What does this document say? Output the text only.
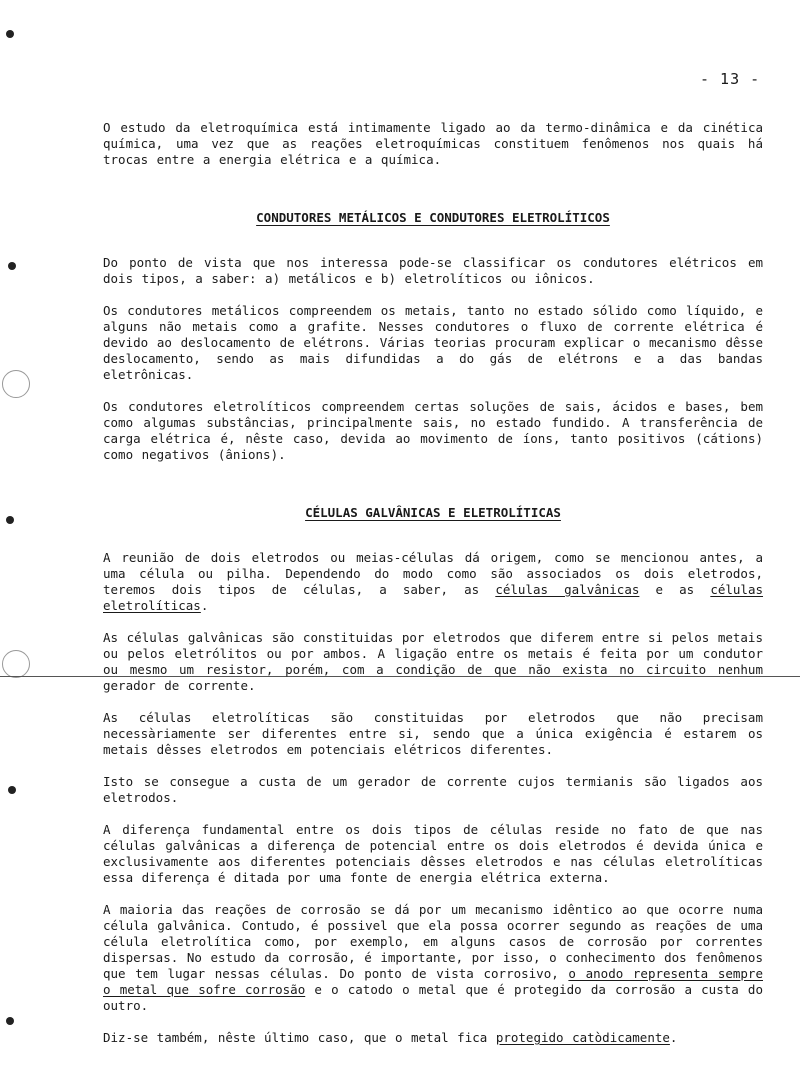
- 13 -

O estudo da eletroquímica está intimamente ligado ao da termo-dinâmica e da cinética química, uma vez que as reações eletroquímicas constituem fenômenos nos quais há trocas entre a energia elétrica e a química.

CONDUTORES METÁLICOS E CONDUTORES ELETROLÍTICOS

Do ponto de vista que nos interessa pode-se classificar os condutores elétricos em dois tipos, a saber: a) metálicos e b) eletrolíticos ou iônicos.

Os condutores metálicos compreendem os metais, tanto no estado sólido como líquido, e alguns não metais como a grafite. Nesses condutores o fluxo de corrente elétrica é devido ao deslocamento de elétrons. Várias teorias procuram explicar o mecanismo dêsse deslocamento, sendo as mais difundidas a do gás de elétrons e a das bandas eletrônicas.

Os condutores eletrolíticos compreendem certas soluções de sais, ácidos e bases, bem como algumas substâncias, principalmente sais, no estado fundido. A transferência de carga elétrica é, nêste caso, devida ao movimento de íons, tanto positivos (cátions) como negativos (ânions).

CÉLULAS GALVÂNICAS E ELETROLÍTICAS

A reunião de dois eletrodos ou meias-células dá origem, como se mencionou antes, a uma célula ou pilha. Dependendo do modo como são associados os dois eletrodos, teremos dois tipos de células, a saber, as células galvânicas e as células eletrolíticas.

As células galvânicas são constituidas por eletrodos que diferem entre si pelos metais ou pelos eletrólitos ou por ambos. A ligação entre os metais é feita por um condutor ou mesmo um resistor, porém, com a condição de que não exista no circuito nenhum gerador de corrente.

As células eletrolíticas são constituidas por eletrodos que não precisam necessàriamente ser diferentes entre si, sendo que a única exigência é estarem os metais dêsses eletrodos em potenciais elétricos diferentes.

Isto se consegue a custa de um gerador de corrente cujos termianis são ligados aos eletrodos.

A diferença fundamental entre os dois tipos de células reside no fato de que nas células galvânicas a diferença de potencial entre os dois eletrodos é devida única e exclusivamente aos diferentes potenciais dêsses eletrodos e nas células eletrolíticas essa diferença é ditada por uma fonte de energia elétrica externa.

A maioria das reações de corrosão se dá por um mecanismo idêntico ao que ocorre numa célula galvânica. Contudo, é possivel que ela possa ocorrer segundo as reações de uma célula eletrolítica como, por exemplo, em alguns casos de corrosão por correntes dispersas. No estudo da corrosão, é importante, por isso, o conhecimento dos fenômenos que tem lugar nessas células. Do ponto de vista corrosivo, o anodo representa sempre o metal que sofre corrosão e o catodo o metal que é protegido da corrosão a custa do outro.

Diz-se também, nêste último caso, que o metal fica protegido catòdicamente.
